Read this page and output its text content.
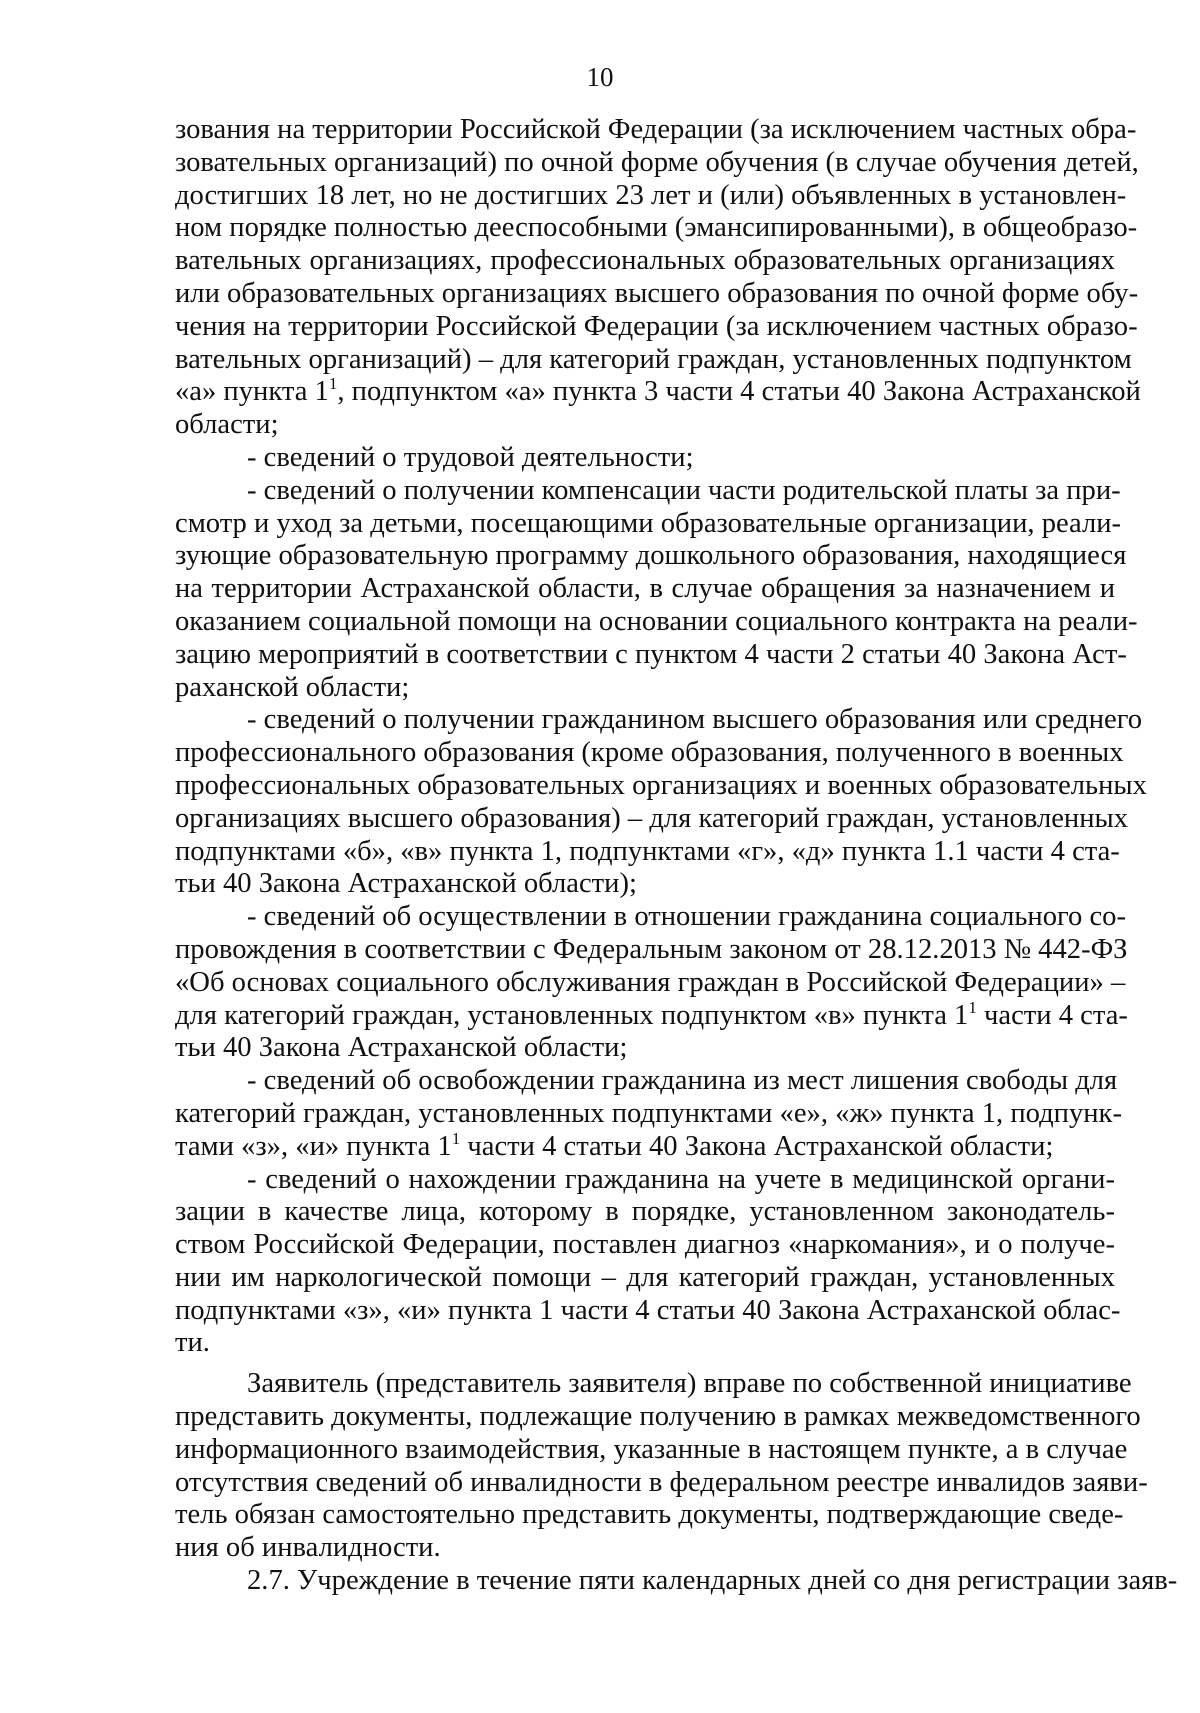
10

зования на территории Российской Федерации (за исключением частных обра-
зовательных организаций) по очной форме обучения (в случае обучения детей,
достигших 18 лет, но не достигших 23 лет и (или) объявленных в установлен-
ном порядке полностью дееспособными (эмансипированными), в общеобразо-
вательных организациях, профессиональных образовательных организациях
или образовательных организациях высшего образования по очной форме обу-
чения на территории Российской Федерации (за исключением частных образо-
вательных организаций) – для категорий граждан, установленных подпунктом
«а» пункта $1^1$, подпунктом «а» пункта 3 части 4 статьи 40 Закона Астраханской
области;

- сведений о трудовой деятельности;

- сведений о получении компенсации части родительской платы за при-
смотр и уход за детьми, посещающими образовательные организации, реали-
зующие образовательную программу дошкольного образования, находящиеся
на территории Астраханской области, в случае обращения за назначением и
оказанием социальной помощи на основании социального контракта на реали-
зацию мероприятий в соответствии с пунктом 4 части 2 статьи 40 Закона Аст-
раханской области;

- сведений о получении гражданином высшего образования или среднего
профессионального образования (кроме образования, полученного в военных
профессиональных образовательных организациях и военных образовательных
организациях высшего образования) – для категорий граждан, установленных
подпунктами «б», «в» пункта 1, подпунктами «г», «д» пункта 1.1 части 4 ста-
тьи 40 Закона Астраханской области);

- сведений об осуществлении в отношении гражданина социального со-
провождения в соответствии с Федеральным законом от 28.12.2013 № 442-ФЗ
«Об основах социального обслуживания граждан в Российской Федерации» –
для категорий граждан, установленных подпунктом «в» пункта $1^1$ части 4 ста-
тьи 40 Закона Астраханской области;

- сведений об освобождении гражданина из мест лишения свободы для
категорий граждан, установленных подпунктами «е», «ж» пункта 1, подпунк-
тами «з», «и» пункта $1^1$ части 4 статьи 40 Закона Астраханской области;

- сведений о нахождении гражданина на учете в медицинской органи-
зации в качестве лица, которому в порядке, установленном законодатель-
ством Российской Федерации, поставлен диагноз «наркомания», и о получе-
нии им наркологической помощи – для категорий граждан, установленных
подпунктами «з», «и» пункта 1 части 4 статьи 40 Закона Астраханской облас-
ти.

Заявитель (представитель заявителя) вправе по собственной инициативе
представить документы, подлежащие получению в рамках межведомственного
информационного взаимодействия, указанные в настоящем пункте, а в случае
отсутствия сведений об инвалидности в федеральном реестре инвалидов заяви-
тель обязан самостоятельно представить документы, подтверждающие сведе-
ния об инвалидности.

2.7. Учреждение в течение пяти календарных дней со дня регистрации заяв-
